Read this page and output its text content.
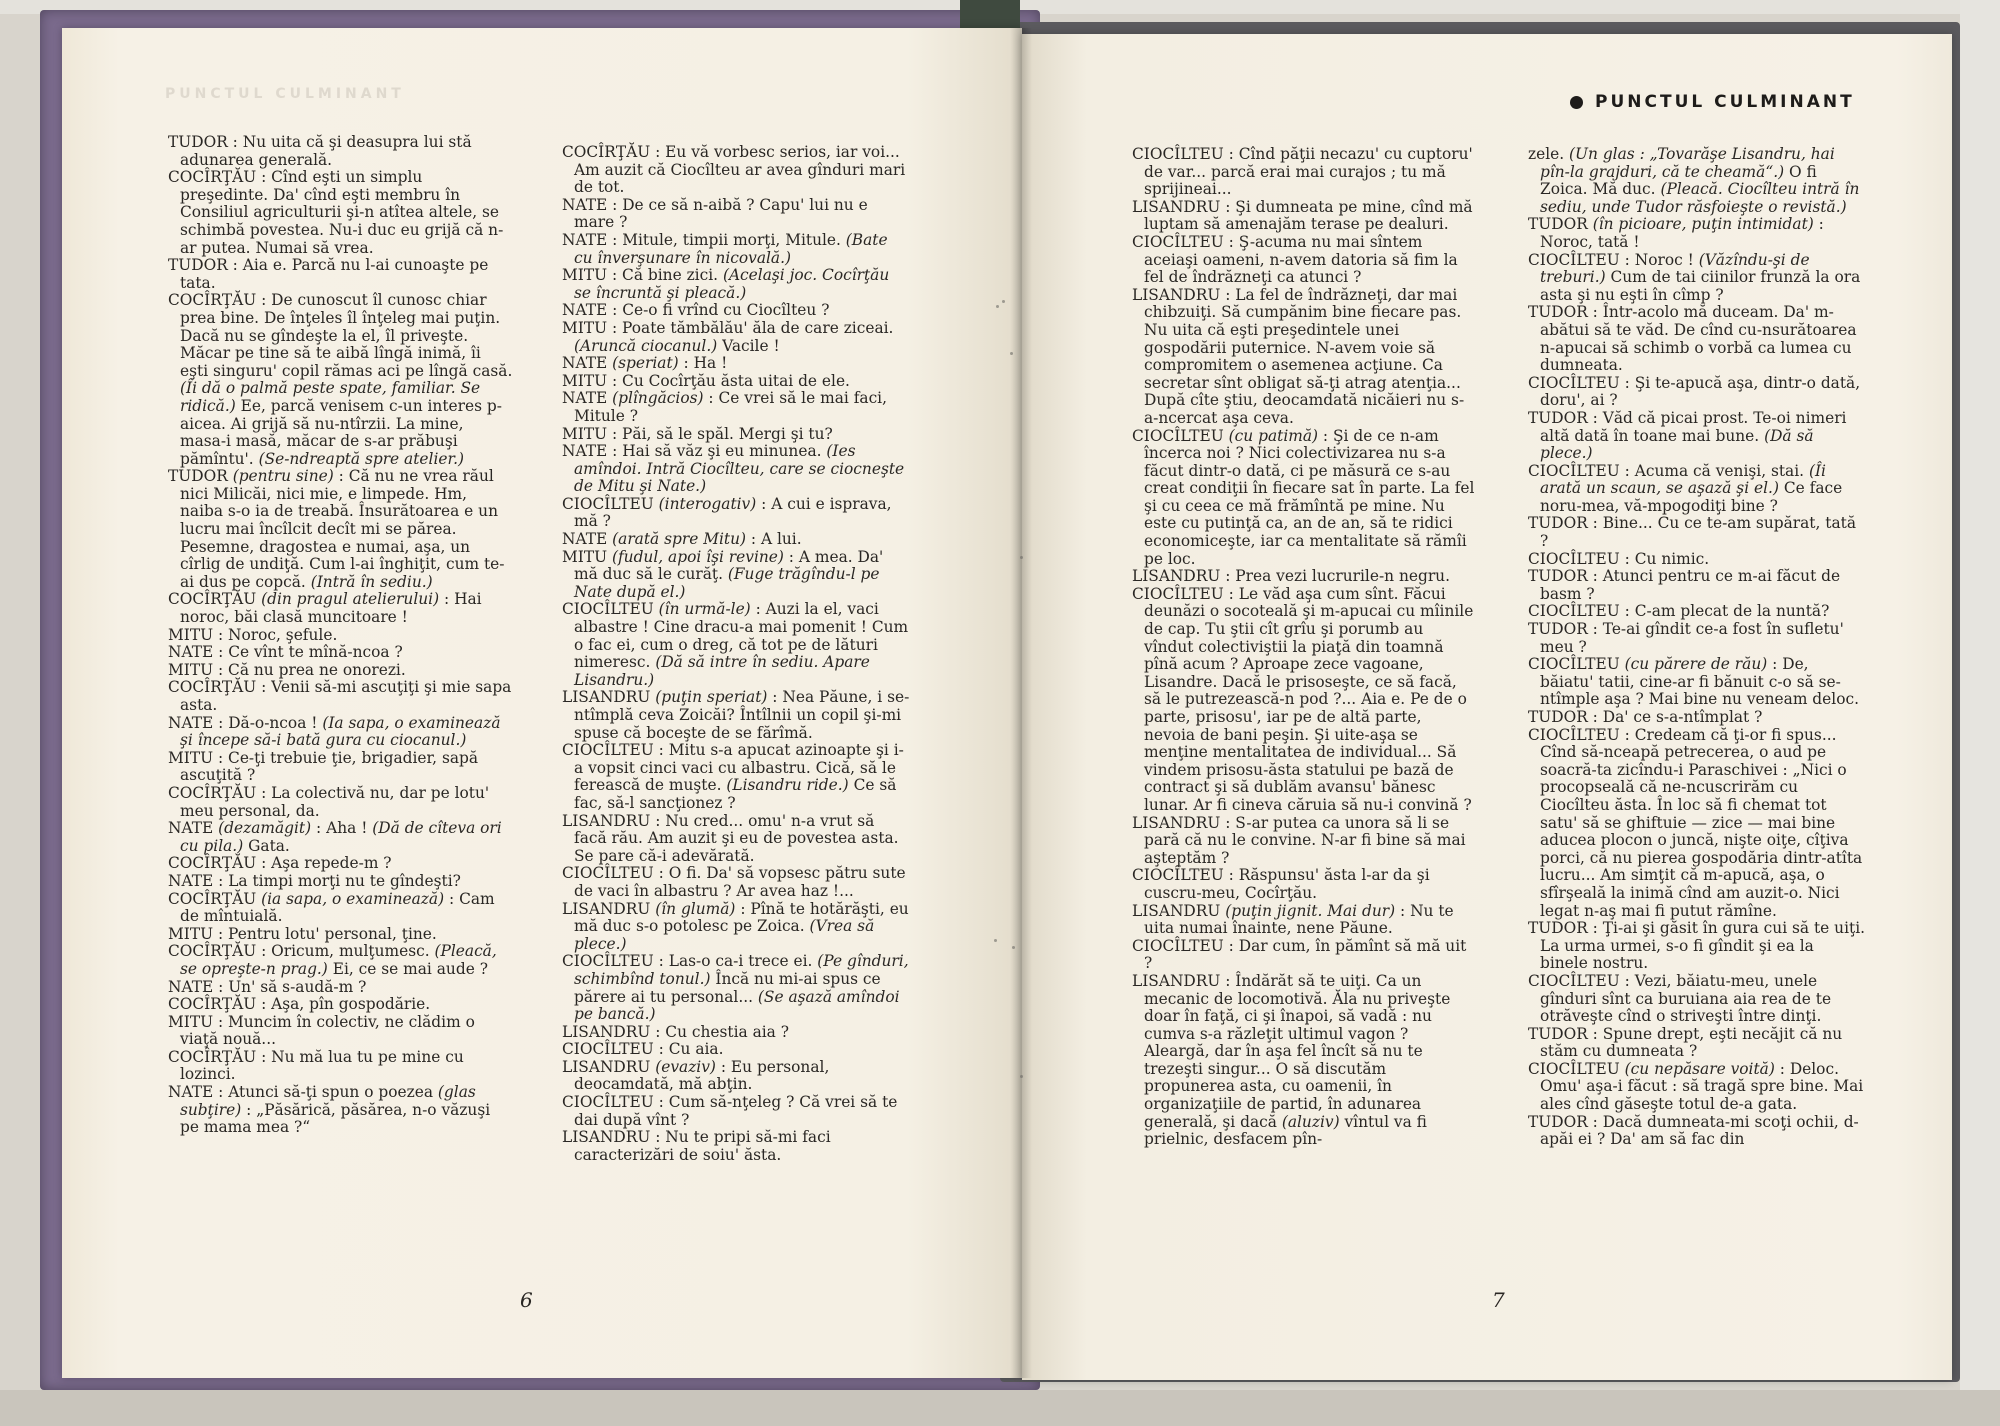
PUNCTUL CULMINANT	PUNCTUL CULMINANT

TUDOR : Nu uita că şi deasupra lui stă adunarea generală.

COCÎRŢĂU : Cînd eşti un simplu preşedinte. Da' cînd eşti membru în Consiliul agriculturii şi-n atîtea altele, se schimbă povestea. Nu-i duc eu grijă că n-ar putea. Numai să vrea.

TUDOR : Aia e. Parcă nu l-ai cunoaşte pe tata.

COCÎRŢĂU : De cunoscut îl cunosc chiar prea bine. De înţeles îl înţeleg mai puţin. Dacă nu se gîndeşte la el, îl priveşte. Măcar pe tine să te aibă lîngă inimă, îi eşti singuru' copil rămas aci pe lîngă casă. (Îi dă o palmă peste spate, familiar. Se ridică.) Ee, parcă venisem c-un interes p-aicea. Ai grijă să nu-ntîrzii. La mine, masa-i masă, măcar de s-ar prăbuşi pămîntu'. (Se-ndreaptă spre atelier.)

TUDOR (pentru sine) : Că nu ne vrea răul nici Milicăi, nici mie, e limpede. Hm, naiba s-o ia de treabă. Însurătoarea e un lucru mai încîlcit decît mi se părea. Pesemne, dragostea e numai, aşa, un cîrlig de undiţă. Cum l-ai înghiţit, cum te-ai dus pe copcă. (Intră în sediu.)

COCÎRŢĂU (din pragul atelierului) : Hai noroc, băi clasă muncitoare !

MITU : Noroc, şefule.

NATE : Ce vînt te mînă-ncoa ?

MITU : Că nu prea ne onorezi.

COCÎRŢĂU : Venii să-mi ascuţiţi şi mie sapa asta.

NATE : Dă-o-ncoa ! (Ia sapa, o examinează şi începe să-i bată gura cu ciocanul.)

MITU : Ce-ţi trebuie ţie, brigadier, sapă ascuţită ?

COCÎRŢĂU : La colectivă nu, dar pe lotu' meu personal, da.

NATE (dezamăgit) : Aha ! (Dă de cîteva ori cu pila.) Gata.

COCÎRŢĂU : Aşa repede-m ?

NATE : La timpi morţi nu te gîndeşti?

COCÎRŢĂU (ia sapa, o examinează) : Cam de mîntuială.

MITU : Pentru lotu' personal, ţine.

COCÎRŢĂU : Oricum, mulţumesc. (Pleacă, se opreşte-n prag.) Ei, ce se mai aude ?

NATE : Un' să s-audă-m ?

COCÎRŢĂU : Aşa, pîn gospodărie.

MITU : Muncim în colectiv, ne clădim o viaţă nouă...

COCÎRŢĂU : Nu mă lua tu pe mine cu lozinci.

NATE : Atunci să-ţi spun o poezea (glas subţire) : „Păsărică, păsărea, n-o văzuşi pe mama mea ?“

COCÎRŢĂU : Eu vă vorbesc serios, iar voi... Am auzit că Ciocîlteu ar avea gînduri mari de tot.

NATE : De ce să n-aibă ? Capu' lui nu e mare ?

NATE : Mitule, timpii morţi, Mitule. (Bate cu înverşunare în nicovală.)

MITU : Că bine zici. (Acelaşi joc. Cocîrţău se încruntă şi pleacă.)

NATE : Ce-o fi vrînd cu Ciocîlteu ?

MITU : Poate tămbălău' ăla de care ziceai. (Aruncă ciocanul.) Vacile !

NATE (speriat) : Ha !

MITU : Cu Cocîrţău ăsta uitai de ele.

NATE (plîngăcios) : Ce vrei să le mai faci, Mitule ?

MITU : Păi, să le spăl. Mergi şi tu?

NATE : Hai să văz şi eu minunea. (Ies amîndoi. Intră Ciocîlteu, care se ciocneşte de Mitu şi Nate.)

CIOCÎLTEU (interogativ) : A cui e isprava, mă ?

NATE (arată spre Mitu) : A lui.

MITU (fudul, apoi îşi revine) : A mea. Da' mă duc să le curăţ. (Fuge trăgîndu-l pe Nate după el.)

CIOCÎLTEU (în urmă-le) : Auzi la el, vaci albastre ! Cine dracu-a mai pomenit ! Cum o fac ei, cum o dreg, că tot pe de lături nimeresc. (Dă să intre în sediu. Apare Lisandru.)

LISANDRU (puţin speriat) : Nea Păune, i se-ntîmplă ceva Zoicăi? Întîlnii un copil şi-mi spuse că boceşte de se fărîmă.

CIOCÎLTEU : Mitu s-a apucat azinoapte şi i-a vopsit cinci vaci cu albastru. Cică, să le ferească de muşte. (Lisandru ride.) Ce să fac, să-l sancţionez ?

LISANDRU : Nu cred... omu' n-a vrut să facă rău. Am auzit şi eu de povestea asta. Se pare că-i adevărată.

CIOCÎLTEU : O fi. Da' să vopsesc pătru sute de vaci în albastru ? Ar avea haz !...

LISANDRU (în glumă) : Pînă te hotărăşti, eu mă duc s-o potolesc pe Zoica. (Vrea să plece.)

CIOCÎLTEU : Las-o ca-i trece ei. (Pe gînduri, schimbînd tonul.) Încă nu mi-ai spus ce părere ai tu personal... (Se aşază amîndoi pe bancă.)

LISANDRU : Cu chestia aia ?

CIOCÎLTEU : Cu aia.

LISANDRU (evaziv) : Eu personal, deocamdată, mă abţin.

CIOCÎLTEU : Cum să-nţeleg ? Că vrei să te dai după vînt ?

LISANDRU : Nu te pripi să-mi faci caracterizări de soiu' ăsta.

CIOCÎLTEU : Cînd păţii necazu' cu cuptoru' de var... parcă erai mai curajos ; tu mă sprijineai...

LISANDRU : Şi dumneata pe mine, cînd mă luptam să amenajăm terase pe dealuri.

CIOCÎLTEU : Ş-acuma nu mai sîntem aceiaşi oameni, n-avem datoria să fim la fel de îndrăzneţi ca atunci ?

LISANDRU : La fel de îndrăzneţi, dar mai chibzuiţi. Să cumpănim bine fiecare pas. Nu uita că eşti preşedintele unei gospodării puternice. N-avem voie să compromitem o asemenea acţiune. Ca secretar sînt obligat să-ţi atrag atenţia... După cîte ştiu, deocamdată nicăieri nu s-a-ncercat aşa ceva.

CIOCÎLTEU (cu patimă) : Şi de ce n-am încerca noi ? Nici colectivizarea nu s-a făcut dintr-o dată, ci pe măsură ce s-au creat condiţii în fiecare sat în parte. La fel şi cu ceea ce mă frămîntă pe mine. Nu este cu putinţă ca, an de an, să te ridici economiceşte, iar ca mentalitate să rămîi pe loc.

LISANDRU : Prea vezi lucrurile-n negru.

CIOCÎLTEU : Le văd aşa cum sînt. Făcui deunăzi o socoteală şi m-apucai cu mîinile de cap. Tu ştii cît grîu şi porumb au vîndut colectiviştii la piaţă din toamnă pînă acum ? Aproape zece vagoane, Lisandre. Dacă le prisoseşte, ce să facă, să le putrezească-n pod ?... Aia e. Pe de o parte, prisosu', iar pe de altă parte, nevoia de bani peşin. Şi uite-aşa se menţine mentalitatea de individual... Să vindem prisosu-ăsta statului pe bază de contract şi să dublăm avansu' bănesc lunar. Ar fi cineva căruia să nu-i convină ?

LISANDRU : S-ar putea ca unora să li se pară că nu le convine. N-ar fi bine să mai aşteptăm ?

CIOCÎLTEU : Răspunsu' ăsta l-ar da şi cuscru-meu, Cocîrţău.

LISANDRU (puţin jignit. Mai dur) : Nu te uita numai înainte, nene Păune.

CIOCÎLTEU : Dar cum, în pămînt să mă uit ?

LISANDRU : Îndărăt să te uiţi. Ca un mecanic de locomotivă. Ăla nu priveşte doar în faţă, ci şi înapoi, să vadă : nu cumva s-a răzleţit ultimul vagon ? Aleargă, dar în aşa fel încît să nu te trezeşti singur... O să discutăm propunerea asta, cu oamenii, în organizaţiile de partid, în adunarea generală, şi dacă (aluziv) vîntul va fi prielnic, desfacem pîn-

zele. (Un glas : „Tovarăşe Lisandru, hai pîn-la grajduri, că te cheamă“.) O fi Zoica. Mă duc. (Pleacă. Ciocîlteu intră în sediu, unde Tudor răsfoieşte o revistă.)

TUDOR (în picioare, puţin intimidat) : Noroc, tată !

CIOCÎLTEU : Noroc ! (Văzîndu-şi de treburi.) Cum de tai ciinilor frunză la ora asta şi nu eşti în cîmp ?

TUDOR : Într-acolo mă duceam. Da' m-abătui să te văd. De cînd cu-nsurătoarea n-apucai să schimb o vorbă ca lumea cu dumneata.

CIOCÎLTEU : Şi te-apucă aşa, dintr-o dată, doru', ai ?

TUDOR : Văd că picai prost. Te-oi nimeri altă dată în toane mai bune. (Dă să plece.)

CIOCÎLTEU : Acuma că venişi, stai. (Îi arată un scaun, se aşază şi el.) Ce face noru-mea, vă-mpogodiţi bine ?

TUDOR : Bine... Cu ce te-am supărat, tată ?

CIOCÎLTEU : Cu nimic.

TUDOR : Atunci pentru ce m-ai făcut de basm ?

CIOCÎLTEU : C-am plecat de la nuntă?

TUDOR : Te-ai gîndit ce-a fost în sufletu' meu ?

CIOCÎLTEU (cu părere de rău) : De, băiatu' tatii, cine-ar fi bănuit c-o să se-ntîmple aşa ? Mai bine nu veneam deloc.

TUDOR : Da' ce s-a-ntîmplat ?

CIOCÎLTEU : Credeam că ţi-or fi spus... Cînd să-nceapă petrecerea, o aud pe soacră-ta zicîndu-i Paraschivei : „Nici o procopseală că ne-ncuscrirăm cu Ciocîlteu ăsta. În loc să fi chemat tot satu' să se ghiftuie — zice — mai bine aducea plocon o juncă, nişte oiţe, cîţiva porci, că nu pierea gospodăria dintr-atîta lucru... Am simţit că m-apucă, aşa, o sfîrşeală la inimă cînd am auzit-o. Nici legat n-aş mai fi putut rămîne.

TUDOR : Ţi-ai şi găsit în gura cui să te uiţi. La urma urmei, s-o fi gîndit şi ea la binele nostru.

CIOCÎLTEU : Vezi, băiatu-meu, unele gînduri sînt ca buruiana aia rea de te otrăveşte cînd o striveşti între dinţi.

TUDOR : Spune drept, eşti necăjit că nu stăm cu dumneata ?

CIOCÎLTEU (cu nepăsare voită) : Deloc. Omu' aşa-i făcut : să tragă spre bine. Mai ales cînd găseşte totul de-a gata.

TUDOR : Dacă dumneata-mi scoţi ochii, d-apăi ei ? Da' am să fac din

6	7
